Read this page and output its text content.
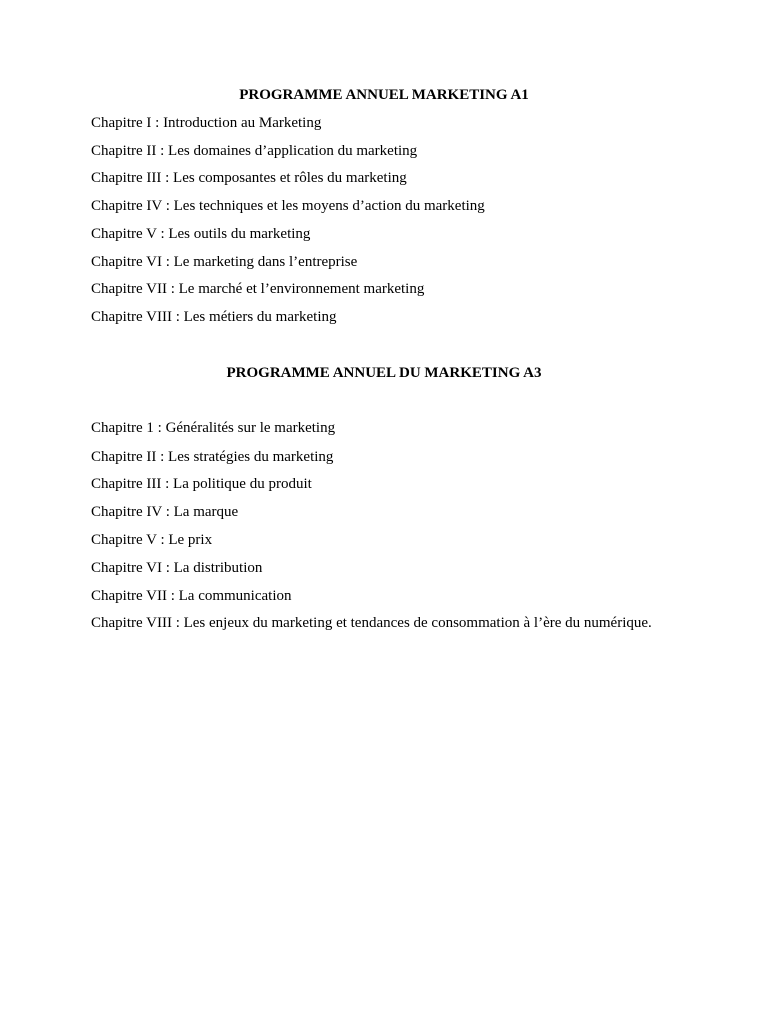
PROGRAMME ANNUEL MARKETING A1
Chapitre I : Introduction au Marketing
Chapitre II : Les domaines d’application du marketing
Chapitre III : Les composantes et rôles du marketing
Chapitre IV : Les techniques et les moyens d’action du marketing
Chapitre V : Les outils du marketing
Chapitre VI : Le marketing dans l’entreprise
Chapitre VII : Le marché et l’environnement marketing
Chapitre VIII : Les métiers du marketing
PROGRAMME ANNUEL DU MARKETING A3
Chapitre 1 : Généralités sur le marketing
Chapitre II : Les stratégies du marketing
Chapitre III : La politique du produit
Chapitre IV : La marque
Chapitre V : Le prix
Chapitre VI : La distribution
Chapitre VII : La communication
Chapitre VIII : Les enjeux du marketing et tendances de consommation à l’ère du numérique.
